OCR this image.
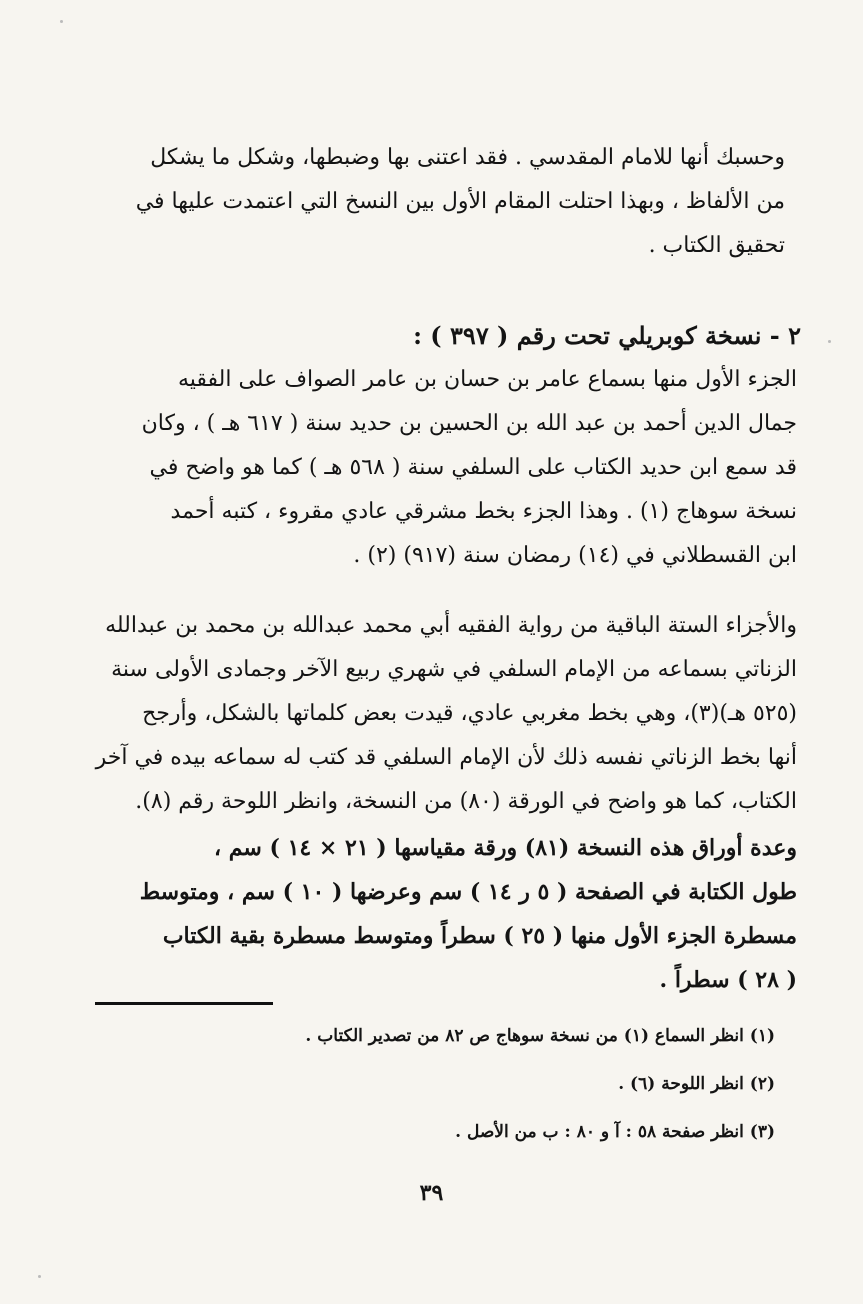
وحسبك أنها للامام المقدسي . فقد اعتنى بها وضبطها، وشكل ما يشكل
من الألفاظ ، وبهذا احتلت المقام الأول بين النسخ التي اعتمدت عليها في
تحقيق الكتاب .
٢ - نسخة كوبريلي تحت رقم ( ٣٩٧ ) :
الجزء الأول منها بسماع عامر بن حسان بن عامر الصواف على الفقيه
جمال الدين أحمد بن عبد الله بن الحسين بن حديد سنة ( ٦١٧ هـ ) ، وكان
قد سمع ابن حديد الكتاب على السلفي سنة ( ٥٦٨ هـ ) كما هو واضح في
نسخة سوهاج (١) . وهذا الجزء بخط مشرقي عادي مقروء ، كتبه أحمد
ابن القسطلاني في (١٤) رمضان سنة (٩١٧) (٢) .
والأجزاء الستة الباقية من رواية الفقيه أبي محمد عبدالله بن محمد بن عبدالله
الزناتي بسماعه من الإمام السلفي في شهري ربيع الآخر وجمادى الأولى سنة
(٥٢٥ هـ)(٣)، وهي بخط مغربي عادي، قيدت بعض كلماتها بالشكل، وأرجح
أنها بخط الزناتي نفسه ذلك لأن الإمام السلفي قد كتب له سماعه بيده في آخر
الكتاب، كما هو واضح في الورقة (٨٠) من النسخة، وانظر اللوحة رقم (٨).
وعدة أوراق هذه النسخة (٨١) ورقة مقياسها ( ٢١ × ١٤ ) سم ،
طول الكتابة في الصفحة ( ٥ ر ١٤ ) سم وعرضها ( ١٠ ) سم ، ومتوسط
مسطرة الجزء الأول منها ( ٢٥ ) سطراً ومتوسط مسطرة بقية الكتاب
( ٢٨ ) سطراً .
(١) انظر السماع (١) من نسخة سوهاج ص ٨٢ من تصدير الكتاب .
(٢) انظر اللوحة (٦) .
(٣) انظر صفحة ٥٨ : آ و ٨٠ : ب من الأصل .
٣٩
